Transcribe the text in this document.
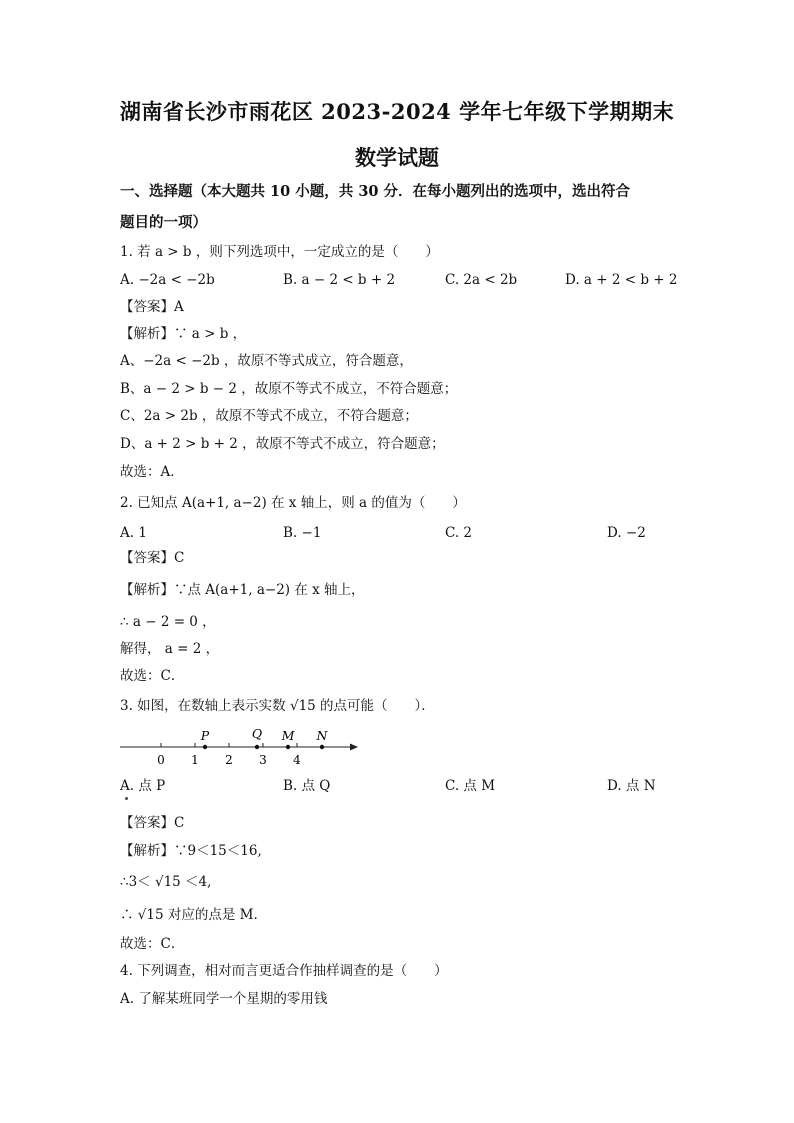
湖南省长沙市雨花区 2023-2024 学年七年级下学期期末
数学试题
一、选择题（本大题共 10 小题，共 30 分．在每小题列出的选项中，选出符合
题目的一项）
1. 若 a > b ，则下列选项中，一定成立的是（　　）
A. −2a < −2b	B. a − 2 < b + 2	C. 2a < 2b	D. a + 2 < b + 2
【答案】A
【解析】∵ a > b ，
A、−2a < −2b ，故原不等式成立，符合题意，
B、a − 2 > b − 2 ，故原不等式不成立，不符合题意；
C、2a > 2b ，故原不等式不成立，不符合题意；
D、a + 2 > b + 2 ，故原不等式不成立，符合题意；
故选：A．
2. 已知点 A(a+1, a−2) 在 x 轴上，则 a 的值为（　　）
A. 1	B. −1	C. 2	D. −2
【答案】C
【解析】∵点 A(a+1, a−2) 在 x 轴上，
∴ a − 2 = 0 ，
解得， a = 2 ，
故选：C．
3. 如图，在数轴上表示实数 √15 的点可能（　　）．
0 1 2 3 4
P	Q M N
A. 点 P	B. 点 Q	C. 点 M	D. 点 N
【答案】C
【解析】∵9＜15＜16,
∴3＜ √15 ＜4,
∴ √15 对应的点是 M.
故选：C．
4. 下列调查，相对而言更适合作抽样调查的是（　　）
A. 了解某班同学一个星期的零用钱
